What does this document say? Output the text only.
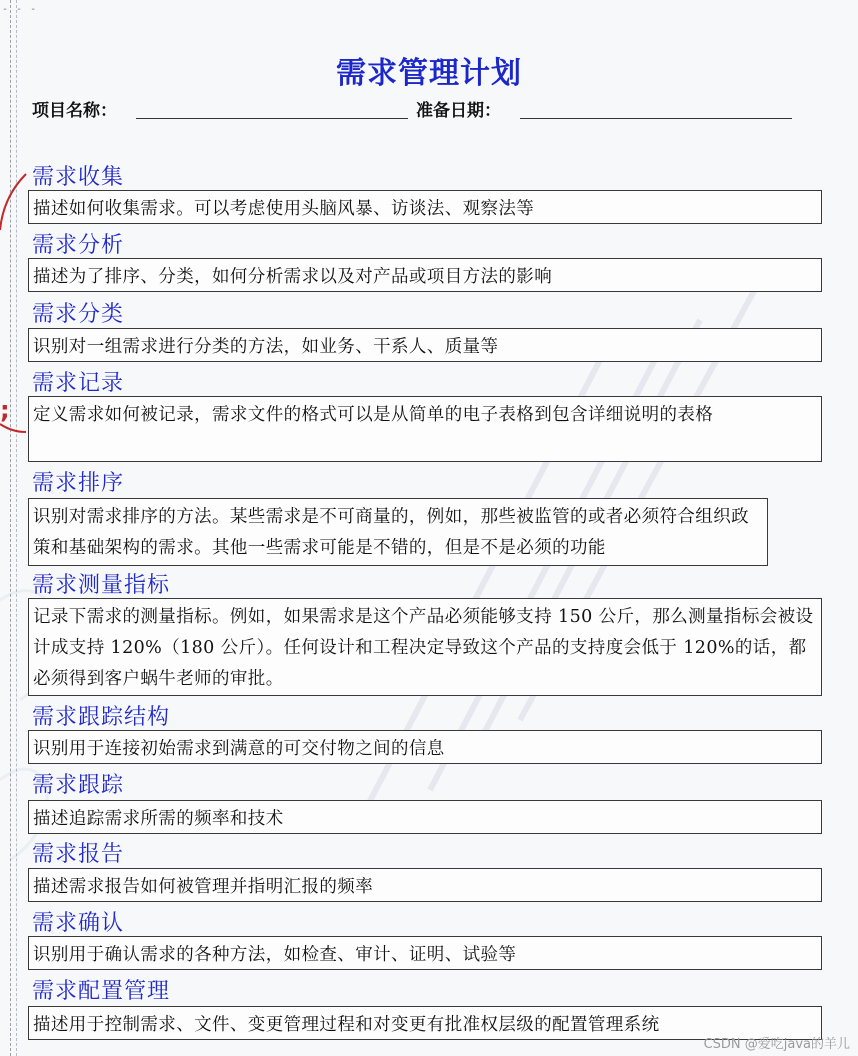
- - -
;
需求管理计划
项目名称：	准备日期：
需求收集
描述如何收集需求。可以考虑使用头脑风暴、访谈法、观察法等
需求分析
描述为了排序、分类，如何分析需求以及对产品或项目方法的影响
需求分类
识别对一组需求进行分类的方法，如业务、干系人、质量等
需求记录
定义需求如何被记录，需求文件的格式可以是从简单的电子表格到包含详细说明的表格
需求排序
识别对需求排序的方法。某些需求是不可商量的，例如，那些被监管的或者必须符合组织政策和基础架构的需求。其他一些需求可能是不错的，但是不是必须的功能
需求测量指标
记录下需求的测量指标。例如，如果需求是这个产品必须能够支持 150 公斤，那么测量指标会被设计成支持 120%（180 公斤）。任何设计和工程决定导致这个产品的支持度会低于 120%的话，都必须得到客户蜗牛老师的审批。
需求跟踪结构
识别用于连接初始需求到满意的可交付物之间的信息
需求跟踪
描述追踪需求所需的频率和技术
需求报告
描述需求报告如何被管理并指明汇报的频率
需求确认
识别用于确认需求的各种方法，如检查、审计、证明、试验等
需求配置管理
描述用于控制需求、文件、变更管理过程和对变更有批准权层级的配置管理系统
CSDN @爱吃java的羊儿
